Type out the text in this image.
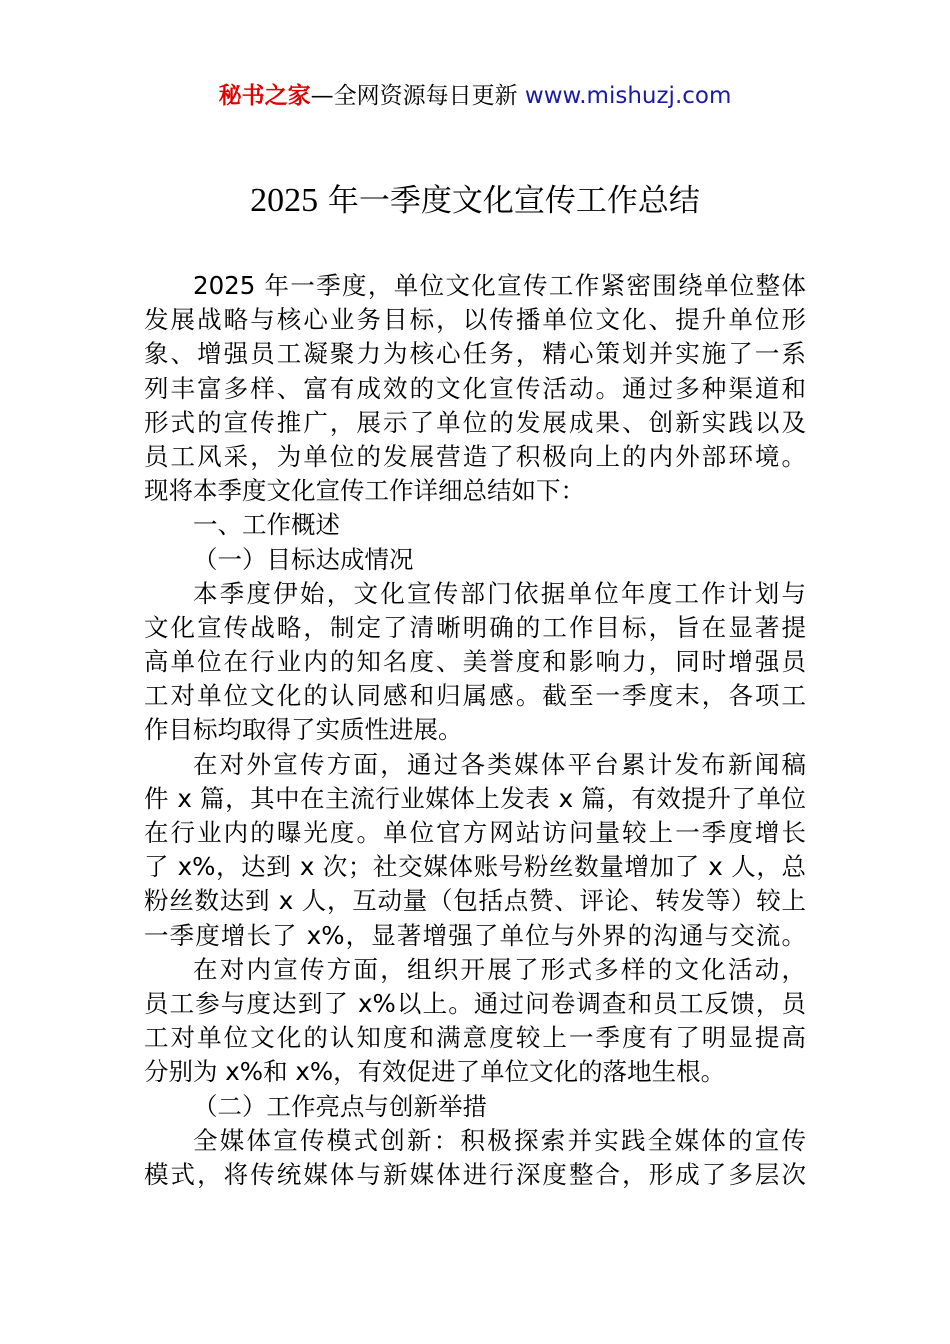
秘书之家—全网资源每日更新 www.mishuzj.com
2025 年一季度文化宣传工作总结
2025 年一季度，单位文化宣传工作紧密围绕单位整体
发展战略与核心业务目标，以传播单位文化、提升单位形
象、增强员工凝聚力为核心任务，精心策划并实施了一系
列丰富多样、富有成效的文化宣传活动。通过多种渠道和
形式的宣传推广，展示了单位的发展成果、创新实践以及
员工风采，为单位的发展营造了积极向上的内外部环境。
现将本季度文化宣传工作详细总结如下：
一、工作概述
（一）目标达成情况
本季度伊始，文化宣传部门依据单位年度工作计划与
文化宣传战略，制定了清晰明确的工作目标，旨在显著提
高单位在行业内的知名度、美誉度和影响力，同时增强员
工对单位文化的认同感和归属感。截至一季度末，各项工
作目标均取得了实质性进展。
在对外宣传方面，通过各类媒体平台累计发布新闻稿
件 x 篇，其中在主流行业媒体上发表 x 篇，有效提升了单位
在行业内的曝光度。单位官方网站访问量较上一季度增长
了 x%，达到 x 次；社交媒体账号粉丝数量增加了 x 人，总
粉丝数达到 x 人，互动量（包括点赞、评论、转发等）较上
一季度增长了 x%，显著增强了单位与外界的沟通与交流。
在对内宣传方面，组织开展了形式多样的文化活动，
员工参与度达到了 x%以上。通过问卷调查和员工反馈，员
工对单位文化的认知度和满意度较上一季度有了明显提高
分别为 x%和 x%，有效促进了单位文化的落地生根。
（二）工作亮点与创新举措
全媒体宣传模式创新：积极探索并实践全媒体的宣传
模式，将传统媒体与新媒体进行深度整合，形成了多层次
